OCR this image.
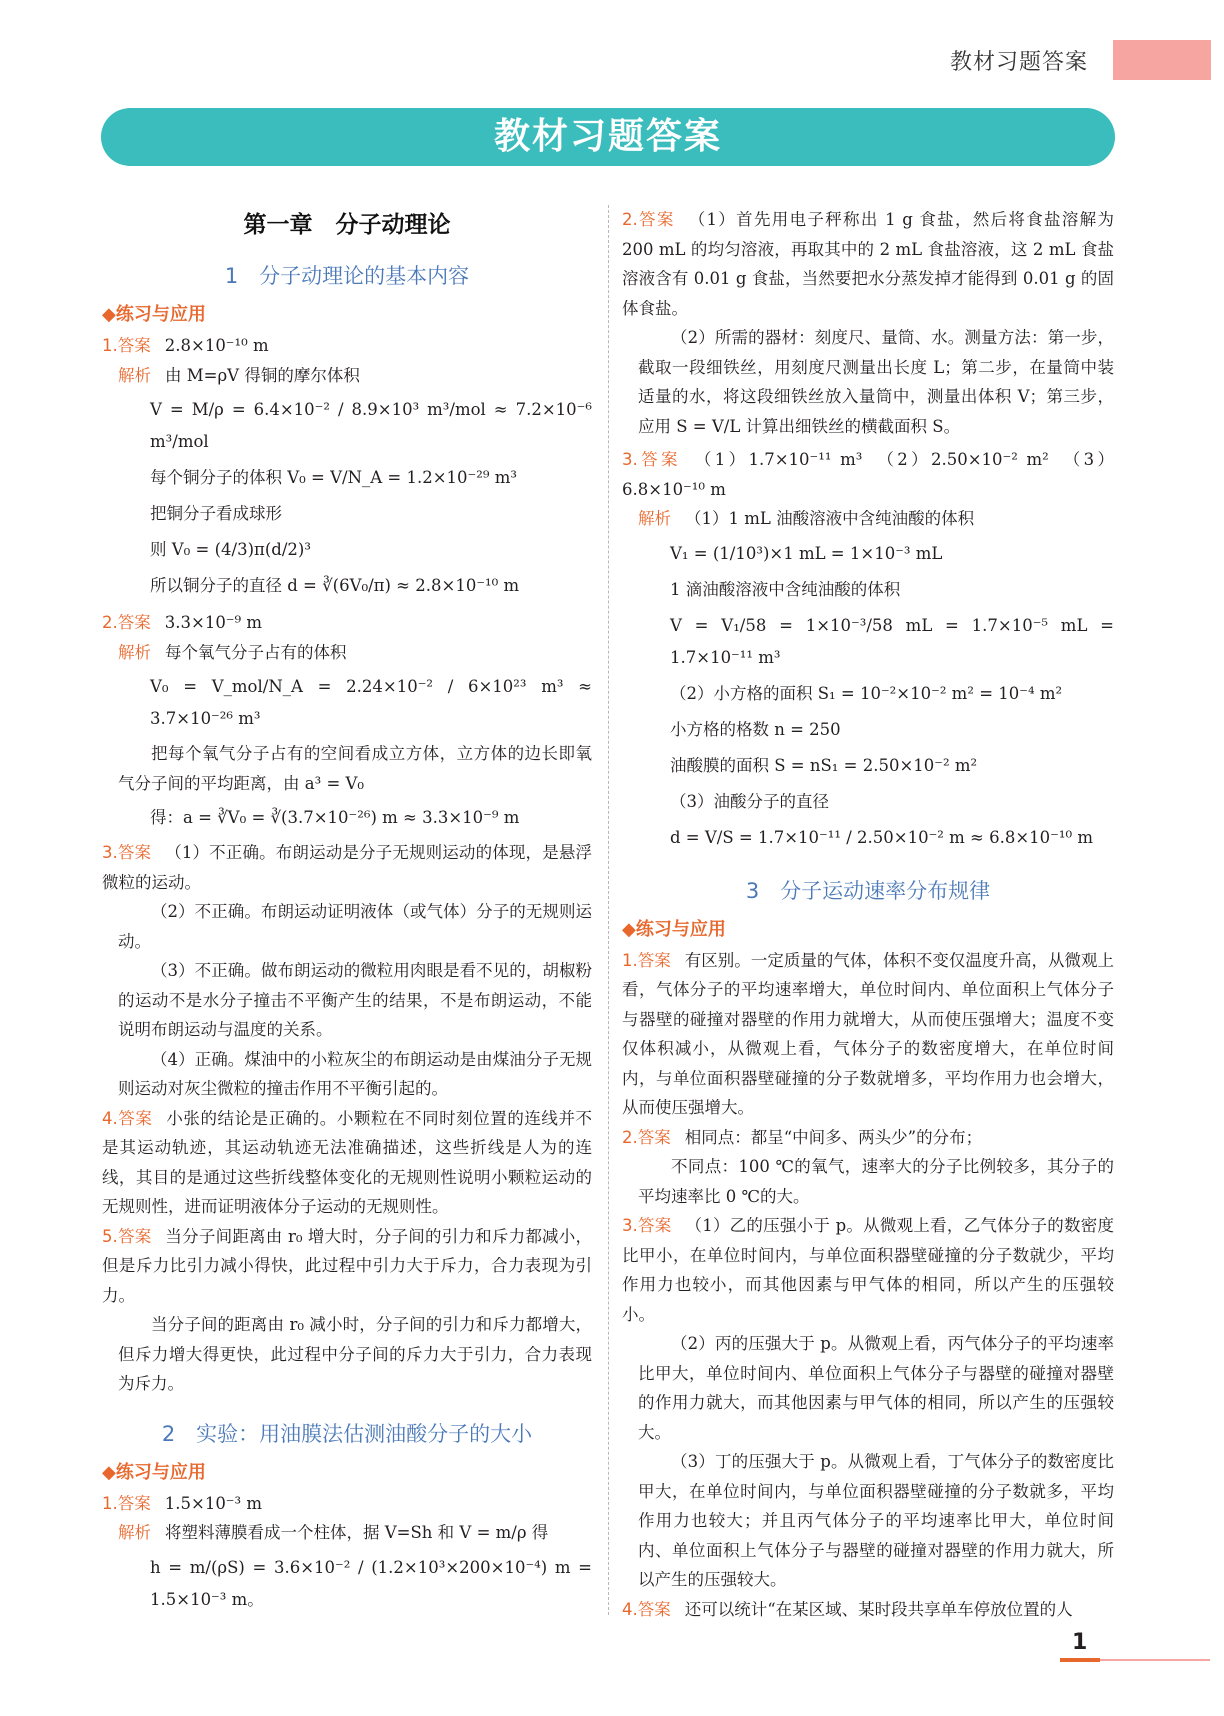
教材习题答案
教材习题答案

第一章　分子动理论

1　分子动理论的基本内容

◆练习与应用

1.答案 2.8×10⁻¹⁰ m

解析 由 M=ρV 得铜的摩尔体积

V = M/ρ = 6.4×10⁻² / 8.9×10³ m³/mol ≈ 7.2×10⁻⁶ m³/mol

每个铜分子的体积 V₀ = V/N_A = 1.2×10⁻²⁹ m³

把铜分子看成球形

则 V₀ = (4/3)π(d/2)³

所以铜分子的直径 d = ∛(6V₀/π) ≈ 2.8×10⁻¹⁰ m

2.答案 3.3×10⁻⁹ m

解析 每个氧气分子占有的体积

V₀ = V_mol/N_A = 2.24×10⁻² / 6×10²³ m³ ≈ 3.7×10⁻²⁶ m³

把每个氧气分子占有的空间看成立方体，立方体的边长即氧气分子间的平均距离，由 a³ = V₀

得：a = ∛V₀ = ∛(3.7×10⁻²⁶) m ≈ 3.3×10⁻⁹ m

3.答案 （1）不正确。布朗运动是分子无规则运动的体现，是悬浮微粒的运动。

（2）不正确。布朗运动证明液体（或气体）分子的无规则运动。

（3）不正确。做布朗运动的微粒用肉眼是看不见的，胡椒粉的运动不是水分子撞击不平衡产生的结果，不是布朗运动，不能说明布朗运动与温度的关系。

（4）正确。煤油中的小粒灰尘的布朗运动是由煤油分子无规则运动对灰尘微粒的撞击作用不平衡引起的。

4.答案 小张的结论是正确的。小颗粒在不同时刻位置的连线并不是其运动轨迹，其运动轨迹无法准确描述，这些折线是人为的连线，其目的是通过这些折线整体变化的无规则性说明小颗粒运动的无规则性，进而证明液体分子运动的无规则性。

5.答案 当分子间距离由 r₀ 增大时，分子间的引力和斥力都减小，但是斥力比引力减小得快，此过程中引力大于斥力，合力表现为引力。

当分子间的距离由 r₀ 减小时，分子间的引力和斥力都增大，但斥力增大得更快，此过程中分子间的斥力大于引力，合力表现为斥力。

2　实验：用油膜法估测油酸分子的大小

◆练习与应用

1.答案 1.5×10⁻³ m

解析 将塑料薄膜看成一个柱体，据 V=Sh 和 V = m/ρ 得

h = m/(ρS) = 3.6×10⁻² / (1.2×10³×200×10⁻⁴) m = 1.5×10⁻³ m。

2.答案 （1）首先用电子秤称出 1 g 食盐，然后将食盐溶解为 200 mL 的均匀溶液，再取其中的 2 mL 食盐溶液，这 2 mL 食盐溶液含有 0.01 g 食盐，当然要把水分蒸发掉才能得到 0.01 g 的固体食盐。

（2）所需的器材：刻度尺、量筒、水。测量方法：第一步，截取一段细铁丝，用刻度尺测量出长度 L；第二步，在量筒中装适量的水，将这段细铁丝放入量筒中，测量出体积 V；第三步，应用 S = V/L 计算出细铁丝的横截面积 S。

3.答案 （1）1.7×10⁻¹¹ m³　（2）2.50×10⁻² m²　（3）6.8×10⁻¹⁰ m

解析 （1）1 mL 油酸溶液中含纯油酸的体积

V₁ = (1/10³)×1 mL = 1×10⁻³ mL

1 滴油酸溶液中含纯油酸的体积

V = V₁/58 = 1×10⁻³/58 mL = 1.7×10⁻⁵ mL = 1.7×10⁻¹¹ m³

（2）小方格的面积 S₁ = 10⁻²×10⁻² m² = 10⁻⁴ m²

小方格的格数 n = 250

油酸膜的面积 S = nS₁ = 2.50×10⁻² m²

（3）油酸分子的直径

d = V/S = 1.7×10⁻¹¹ / 2.50×10⁻² m ≈ 6.8×10⁻¹⁰ m

3　分子运动速率分布规律

◆练习与应用

1.答案 有区别。一定质量的气体，体积不变仅温度升高，从微观上看，气体分子的平均速率增大，单位时间内、单位面积上气体分子与器壁的碰撞对器壁的作用力就增大，从而使压强增大；温度不变仅体积减小，从微观上看，气体分子的数密度增大，在单位时间内，与单位面积器壁碰撞的分子数就增多，平均作用力也会增大，从而使压强增大。

2.答案 相同点：都呈“中间多、两头少”的分布；

不同点：100 ℃的氧气，速率大的分子比例较多，其分子的平均速率比 0 ℃的大。

3.答案 （1）乙的压强小于 p。从微观上看，乙气体分子的数密度比甲小，在单位时间内，与单位面积器壁碰撞的分子数就少，平均作用力也较小，而其他因素与甲气体的相同，所以产生的压强较小。

（2）丙的压强大于 p。从微观上看，丙气体分子的平均速率比甲大，单位时间内、单位面积上气体分子与器壁的碰撞对器壁的作用力就大，而其他因素与甲气体的相同，所以产生的压强较大。

（3）丁的压强大于 p。从微观上看，丁气体分子的数密度比甲大，在单位时间内，与单位面积器壁碰撞的分子数就多，平均作用力也较大；并且丙气体分子的平均速率比甲大，单位时间内、单位面积上气体分子与器壁的碰撞对器壁的作用力就大，所以产生的压强较大。

4.答案 还可以统计“在某区域、某时段共享单车停放位置的人

1
